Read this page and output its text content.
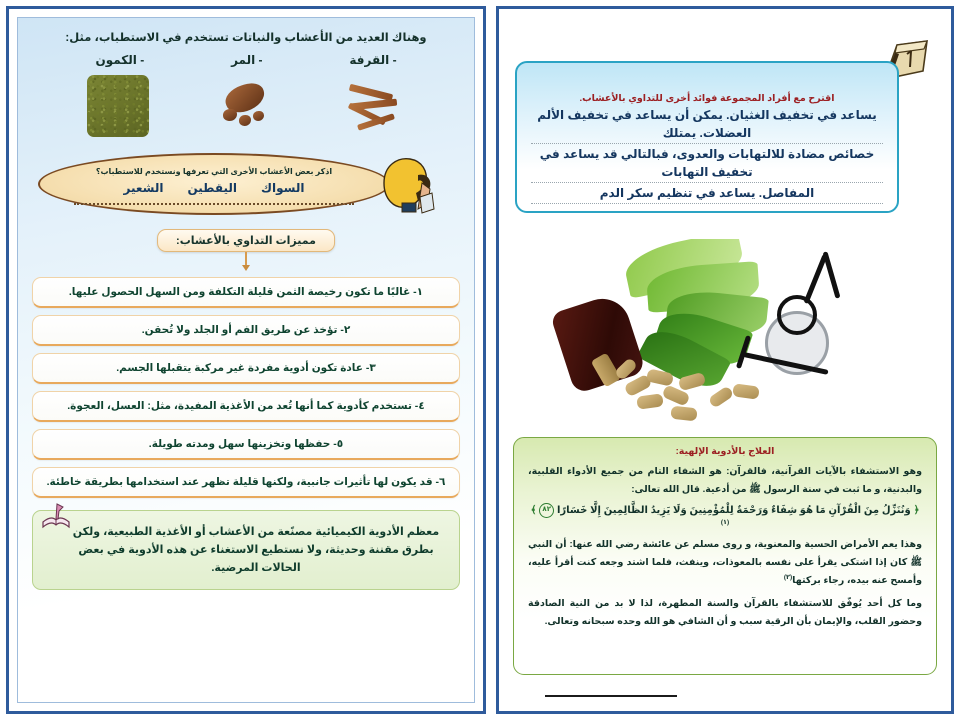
اقترح مع أفراد المجموعة فوائد أخرى للتداوي بالأعشاب.
يساعد في تخفيف الغثيان. يمكن أن يساعد في تخفيف الألم العضلات. يمتلك
خصائص مضادة للالتهابات والعدوى، فبالتالي قد يساعد في تخفيف التهابات
المفاصل. يساعد في تنظيم سكر الدم
العلاج بالأدوية الإلهية:
وهو الاستشفاء بالآيات القرآنية، فالقرآن: هو الشفاء التام من جميع الأدواء القلبية، والبدنية، و ما ثبت في سنة الرسول ﷺ من أدعية. قال الله تعالى:
﴿ وَنُنَزِّلُ مِنَ الْقُرْآنِ مَا هُوَ شِفَاءٌ وَرَحْمَةٌ لِلْمُؤْمِنِينَ وَلَا يَزِيدُ الظَّالِمِينَ إِلَّا خَسَارًا ٨٢ ﴾ $^{(١)}$
وهذا يعم الأمراض الحسية والمعنوية، و روى مسلم عن عائشة رضي الله عنها: أن النبي ﷺ كان إذا اشتكى يقرأ على نفسه بالمعوذات، وينفث، فلما اشتد وجعه كنت أقرأ عليه، وأمسح عنه بيده، رجاء بركتها$^{(٢)}$
وما كل أحد يُوفّق للاستشفاء بالقرآن والسنة المطهرة، لذا لا بد من النية الصادقة وحضور القلب، والإيمان بأن الرقية سبب و أن الشافي هو الله وحده سبحانه وتعالى.
وهناك العديد من الأعشاب والنباتات تستخدم في الاستطباب، مثل:
- القرفة
- المر
- الكمون
اذكر بعض الأعشاب الأخرى التي تعرفها ونستخدم للاستطباب؟
السواك
اليقطين
الشعير
مميزات التداوي بالأعشاب:
١- غالبًا ما تكون رخيصة الثمن قليلة التكلفة ومن السهل الحصول عليها.
٢- تؤخذ عن طريق الفم أو الجلد ولا تُحقن.
٣- عادة تكون أدوية مفردة غير مركبة يتقبلها الجسم.
٤- تستخدم كأدوية كما أنها تُعد من الأغذية المفيدة، مثل: العسل، العجوة.
٥- حفظها وتخزينها سهل ومدته طويلة.
٦- قد يكون لها تأثيرات جانبية، ولكنها قليلة تظهر عند استخدامها بطريقة خاطئة.
معظم الأدوية الكيميائية مصنًعة من الأعشاب أو الأغذية الطبيعية، ولكن بطرق مقننة وحديثة، ولا نستطيع الاستغناء عن هذه الأدوية في بعض الحالات المرضية.
